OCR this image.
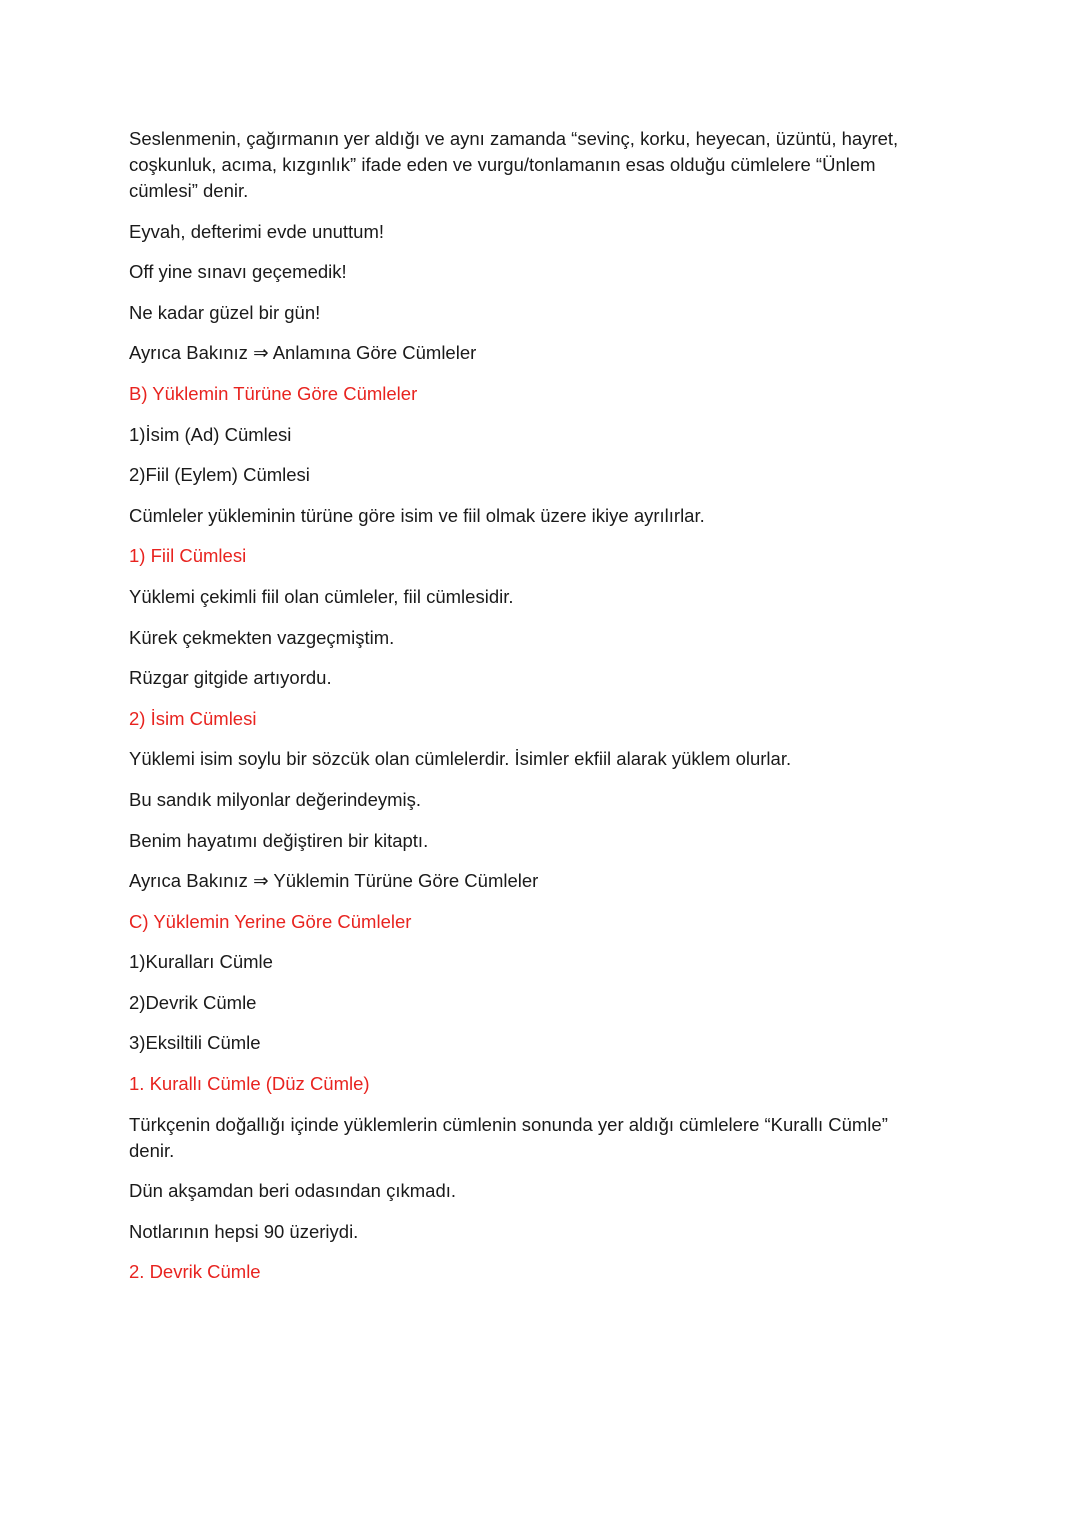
Seslenmenin, çağırmanın yer aldığı ve aynı zamanda “sevinç, korku, heyecan, üzüntü, hayret, coşkunluk, acıma, kızgınlık” ifade eden ve vurgu/tonlamanın esas olduğu cümlelere “Ünlem cümlesi” denir.

Eyvah, defterimi evde unuttum!

Off yine sınavı geçemedik!

Ne kadar güzel bir gün!

Ayrıca Bakınız ⇒ Anlamına Göre Cümleler

B) Yüklemin Türüne Göre Cümleler

1)İsim (Ad) Cümlesi

2)Fiil (Eylem) Cümlesi

Cümleler yükleminin türüne göre isim ve fiil olmak üzere ikiye ayrılırlar.

1) Fiil Cümlesi

Yüklemi çekimli fiil olan cümleler, fiil cümlesidir.

Kürek çekmekten vazgeçmiştim.

Rüzgar gitgide artıyordu.

2) İsim Cümlesi

Yüklemi isim soylu bir sözcük olan cümlelerdir. İsimler ekfiil alarak yüklem olurlar.

Bu sandık milyonlar değerindeymiş.

Benim hayatımı değiştiren bir kitaptı.

Ayrıca Bakınız ⇒ Yüklemin Türüne Göre Cümleler

C) Yüklemin Yerine Göre Cümleler

1)Kuralları Cümle

2)Devrik Cümle

3)Eksiltili Cümle

1. Kurallı Cümle (Düz Cümle)

Türkçenin doğallığı içinde yüklemlerin cümlenin sonunda yer aldığı cümlelere “Kurallı Cümle” denir.

Dün akşamdan beri odasından çıkmadı.

Notlarının hepsi 90 üzeriydi.

2. Devrik Cümle
